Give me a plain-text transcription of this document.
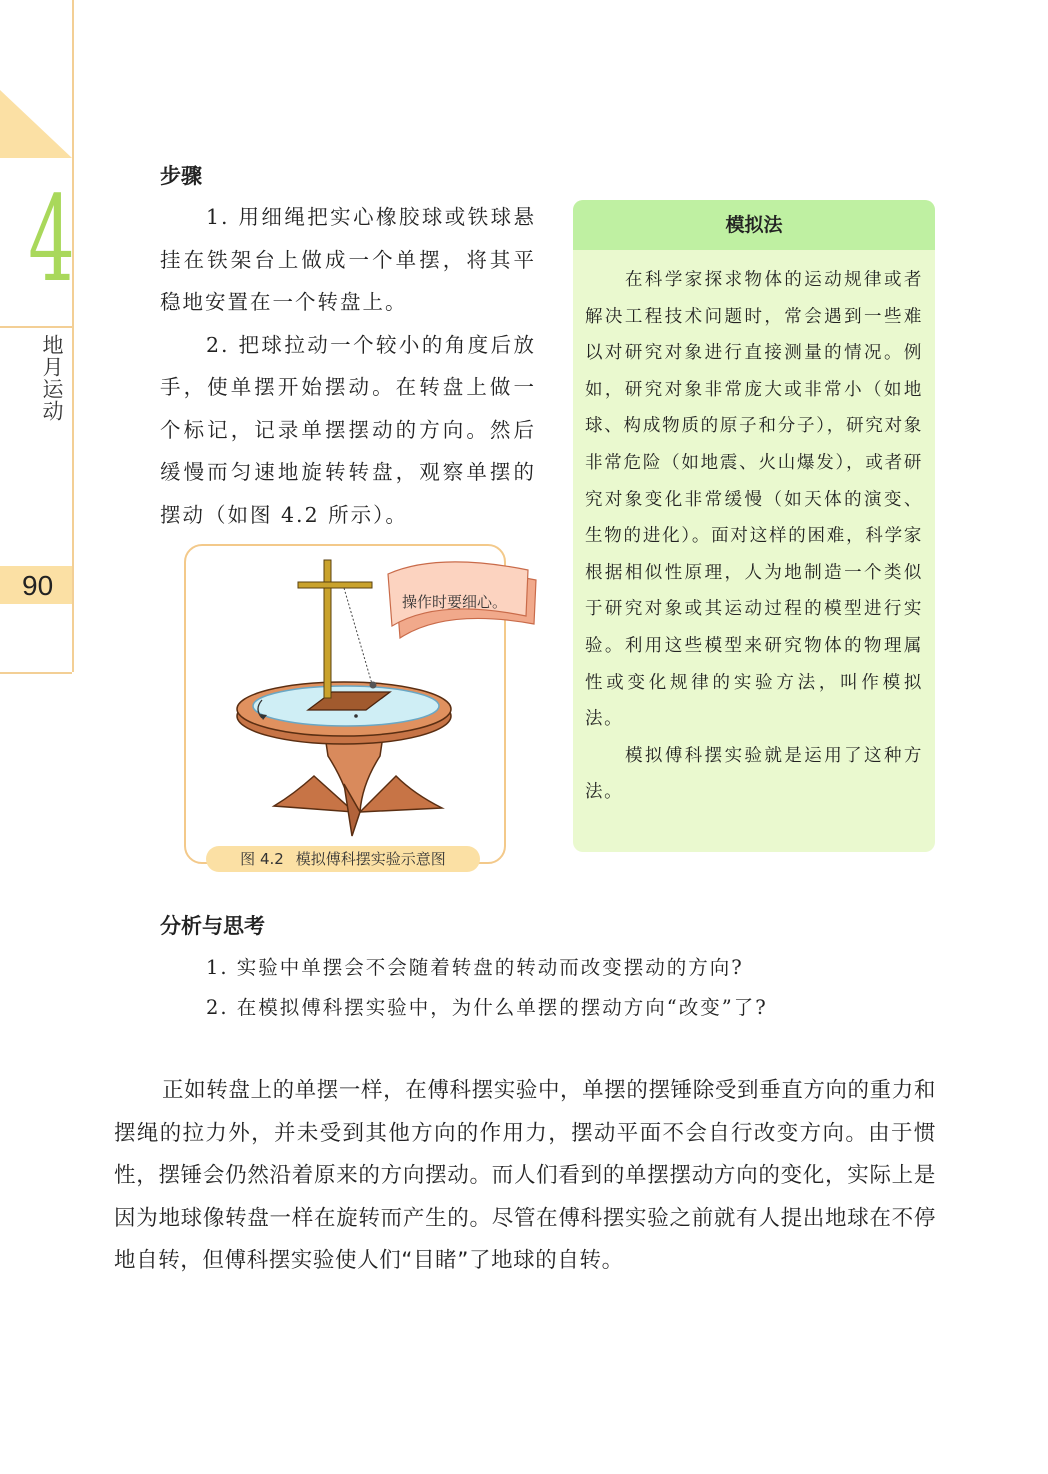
4
地月运动
90
步骤

1. 用细绳把实心橡胶球或铁球悬挂在铁架台上做成一个单摆，将其平稳地安置在一个转盘上。

2. 把球拉动一个较小的角度后放手，使单摆开始摆动。在转盘上做一个标记，记录单摆摆动的方向。然后缓慢而匀速地旋转转盘，观察单摆的摆动（如图 4.2 所示）。

操作时要细心。
图 4.2 模拟傅科摆实验示意图
模拟法

在科学家探求物体的运动规律或者解决工程技术问题时，常会遇到一些难以对研究对象进行直接测量的情况。例如，研究对象非常庞大或非常小（如地球、构成物质的原子和分子），研究对象非常危险（如地震、火山爆发），或者研究对象变化非常缓慢（如天体的演变、生物的进化）。面对这样的困难，科学家根据相似性原理，人为地制造一个类似于研究对象或其运动过程的模型进行实验。利用这些模型来研究物体的物理属性或变化规律的实验方法，叫作模拟法。

模拟傅科摆实验就是运用了这种方法。

分析与思考
1. 实验中单摆会不会随着转盘的转动而改变摆动的方向?
2. 在模拟傅科摆实验中，为什么单摆的摆动方向“改变”了?

正如转盘上的单摆一样，在傅科摆实验中，单摆的摆锤除受到垂直方向的重力和摆绳的拉力外，并未受到其他方向的作用力，摆动平面不会自行改变方向。由于惯性，摆锤会仍然沿着原来的方向摆动。而人们看到的单摆摆动方向的变化，实际上是因为地球像转盘一样在旋转而产生的。尽管在傅科摆实验之前就有人提出地球在不停地自转，但傅科摆实验使人们“目睹”了地球的自转。
